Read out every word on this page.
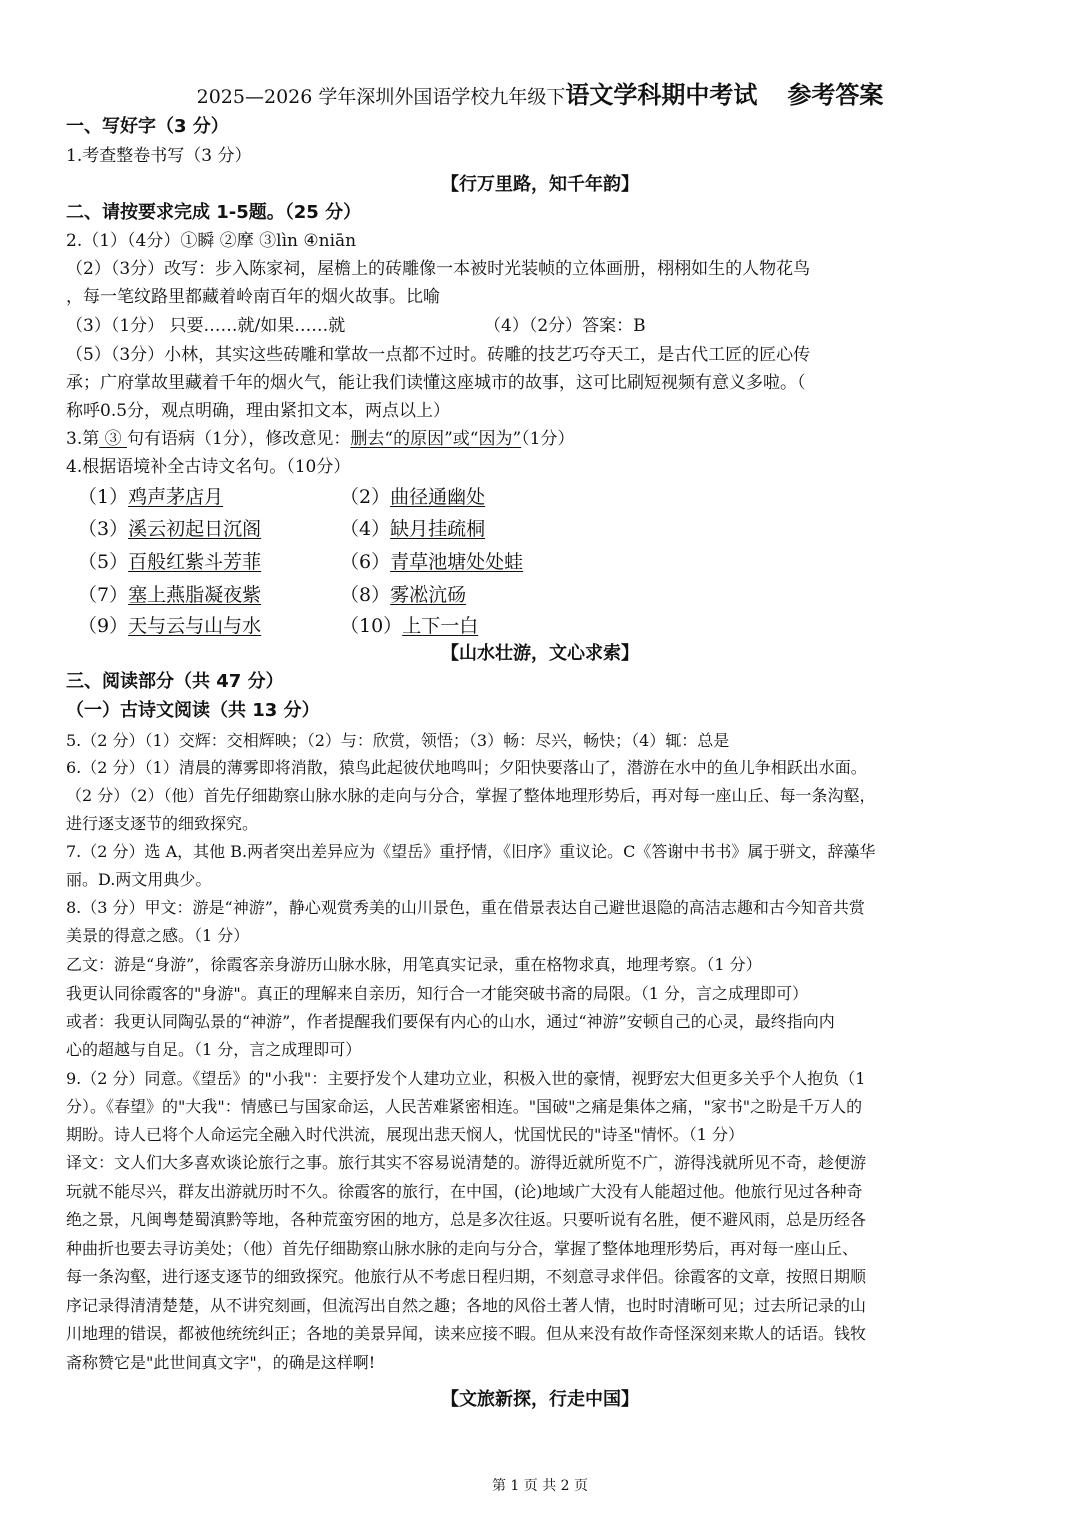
2025—2026 学年深圳外国语学校九年级下语文学科期中考试 参考答案
一、写好字（3 分）
1.考查整卷书写（3 分）
【行万里路，知千年韵】
二、请按要求完成 1-5题。（25 分）
2.（1）（4分）①瞬 ②摩 ③lìn ④niān
（2）（3分）改写：步入陈家祠，屋檐上的砖雕像一本被时光装帧的立体画册，栩栩如生的人物花鸟
，每一笔纹路里都藏着岭南百年的烟火故事。比喻
（3）（1分） 只要……就/如果……就	（4）（2分）答案：B
（5）（3分）小林，其实这些砖雕和掌故一点都不过时。砖雕的技艺巧夺天工，是古代工匠的匠心传
承；广府掌故里藏着千年的烟火气，能让我们读懂这座城市的故事，这可比刷短视频有意义多啦。（
称呼0.5分，观点明确，理由紧扣文本，两点以上）
3.第 ③ 句有语病（1分），修改意见：删去“的原因”或“因为”（1分）
4.根据语境补全古诗文名句。（10分）
（1）鸡声茅店月	（2）曲径通幽处
（3）溪云初起日沉阁	（4）缺月挂疏桐
（5）百般红紫斗芳菲	（6）青草池塘处处蛙
（7）塞上燕脂凝夜紫	（8）雾凇沆砀
（9）天与云与山与水	（10）上下一白
【山水壮游，文心求索】
三、阅读部分（共 47 分）
（一）古诗文阅读（共 13 分）
5.（2 分）（1）交辉：交相辉映；（2）与：欣赏，领悟；（3）畅：尽兴，畅快；（4）辄：总是
6.（2 分）（1）清晨的薄雾即将消散，猿鸟此起彼伏地鸣叫；夕阳快要落山了，潜游在水中的鱼儿争相跃出水面。
（2 分）（2）（他）首先仔细勘察山脉水脉的走向与分合，掌握了整体地理形势后，再对每一座山丘、每一条沟壑，
进行逐支逐节的细致探究。
7.（2 分）选 A，其他 B.两者突出差异应为《望岳》重抒情，《旧序》重议论。C《答谢中书书》属于骈文，辞藻华
丽。D.两文用典少。
8.（3 分）甲文：游是“神游”，静心观赏秀美的山川景色，重在借景表达自己避世退隐的高洁志趣和古今知音共赏
美景的得意之感。（1 分）
乙文：游是“身游”，徐霞客亲身游历山脉水脉，用笔真实记录，重在格物求真，地理考察。（1 分）
我更认同徐霞客的"身游"。真正的理解来自亲历，知行合一才能突破书斋的局限。（1 分，言之成理即可）
或者：我更认同陶弘景的“神游”，作者提醒我们要保有内心的山水，通过“神游”安顿自己的心灵，最终指向内
心的超越与自足。（1 分，言之成理即可）
9.（2 分）同意。《望岳》的"小我"：主要抒发个人建功立业，积极入世的豪情，视野宏大但更多关乎个人抱负（1
分）。《春望》的"大我"：情感已与国家命运，人民苦难紧密相连。"国破"之痛是集体之痛，"家书"之盼是千万人的
期盼。诗人已将个人命运完全融入时代洪流，展现出悲天悯人，忧国忧民的"诗圣"情怀。（1 分）
译文：文人们大多喜欢谈论旅行之事。旅行其实不容易说清楚的。游得近就所览不广，游得浅就所见不奇，趁便游
玩就不能尽兴，群友出游就历时不久。徐霞客的旅行，在中国，(论)地域广大没有人能超过他。他旅行见过各种奇
绝之景，凡闽粤楚蜀滇黔等地，各种荒蛮穷困的地方，总是多次往返。只要听说有名胜，便不避风雨，总是历经各
种曲折也要去寻访美处；（他）首先仔细勘察山脉水脉的走向与分合，掌握了整体地理形势后，再对每一座山丘、
每一条沟壑，进行逐支逐节的细致探究。他旅行从不考虑日程归期，不刻意寻求伴侣。徐霞客的文章，按照日期顺
序记录得清清楚楚，从不讲究刻画，但流泻出自然之趣；各地的风俗土著人情，也时时清晰可见；过去所记录的山
川地理的错误，都被他统统纠正；各地的美景异闻，读来应接不暇。但从来没有故作奇怪深刻来欺人的话语。钱牧
斋称赞它是"此世间真文字"，的确是这样啊!
【文旅新探，行走中国】
第 1 页 共 2 页
